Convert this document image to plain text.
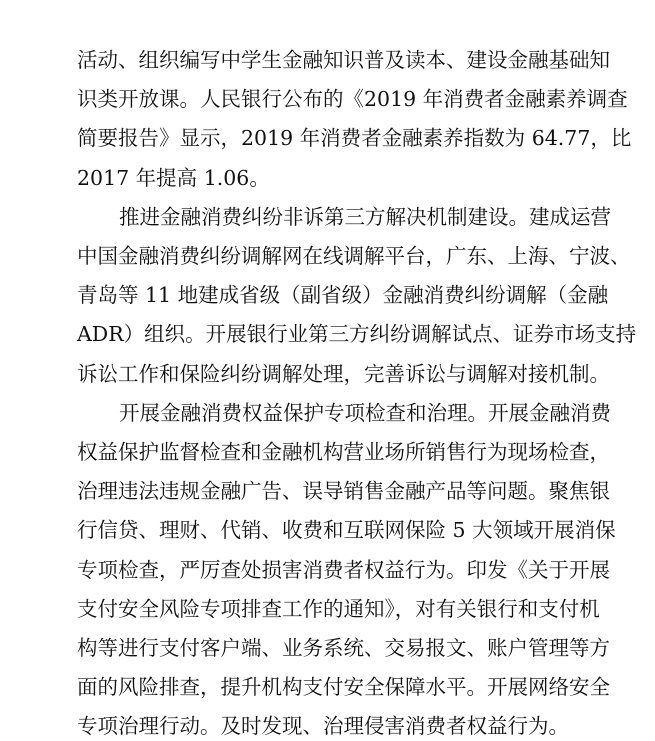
活动、组织编写中学生金融知识普及读本、建设金融基础知

识类开放课。人民银行公布的《2019 年消费者金融素养调查

简要报告》显示，2019 年消费者金融素养指数为 64.77，比

2017 年提高 1.06。

推进金融消费纠纷非诉第三方解决机制建设。建成运营

中国金融消费纠纷调解网在线调解平台，广东、上海、宁波、

青岛等 11 地建成省级（副省级）金融消费纠纷调解（金融

ADR）组织。开展银行业第三方纠纷调解试点、证券市场支持

诉讼工作和保险纠纷调解处理，完善诉讼与调解对接机制。

开展金融消费权益保护专项检查和治理。开展金融消费

权益保护监督检查和金融机构营业场所销售行为现场检查，

治理违法违规金融广告、误导销售金融产品等问题。聚焦银

行信贷、理财、代销、收费和互联网保险 5 大领域开展消保

专项检查，严厉查处损害消费者权益行为。印发《关于开展

支付安全风险专项排查工作的通知》，对有关银行和支付机

构等进行支付客户端、业务系统、交易报文、账户管理等方

面的风险排查，提升机构支付安全保障水平。开展网络安全

专项治理行动。及时发现、治理侵害消费者权益行为。
